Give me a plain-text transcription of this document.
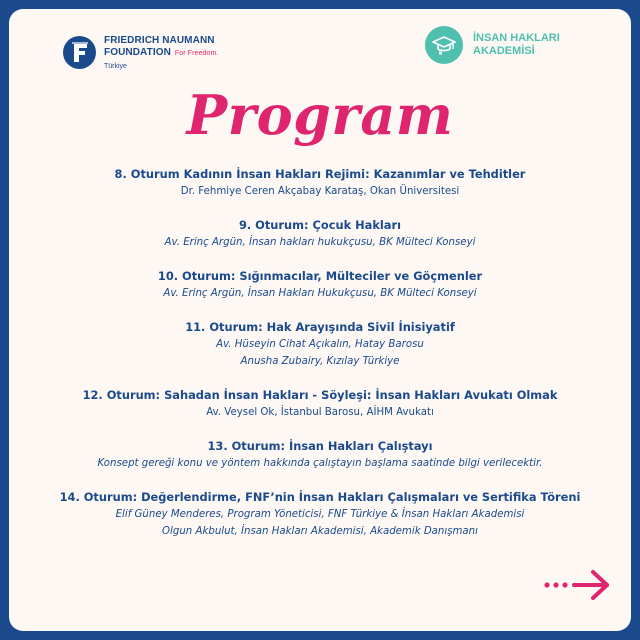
FRIEDRICH NAUMANN
FOUNDATION For Freedom.
Türkiye
İNSAN HAKLARI
AKADEMİSİ
Program
8. Oturum Kadının İnsan Hakları Rejimi: Kazanımlar ve Tehditler
Dr. Fehmiye Ceren Akçabay Karataş, Okan Üniversitesi
9. Oturum: Çocuk Hakları
Av. Erinç Argün, İnsan hakları hukukçusu, BK Mülteci Konseyi
10. Oturum: Sığınmacılar, Mülteciler ve Göçmenler
Av. Erinç Argün, İnsan Hakları Hukukçusu, BK Mülteci Konseyi
11. Oturum: Hak Arayışında Sivil İnisiyatif
Av. Hüseyin Cihat Açıkalın, Hatay Barosu
Anusha Zubairy, Kızılay Türkiye
12. Oturum: Sahadan İnsan Hakları - Söyleşi: İnsan Hakları Avukatı Olmak
Av. Veysel Ok, İstanbul Barosu, AİHM Avukatı
13. Oturum: İnsan Hakları Çalıştayı
Konsept gereği konu ve yöntem hakkında çalıştayın başlama saatinde bilgi verilecektir.
14. Oturum: Değerlendirme, FNF’nin İnsan Hakları Çalışmaları ve Sertifika Töreni
Elif Güney Menderes, Program Yöneticisi, FNF Türkiye & İnsan Hakları Akademisi
Olgun Akbulut, İnsan Hakları Akademisi, Akademik Danışmanı
